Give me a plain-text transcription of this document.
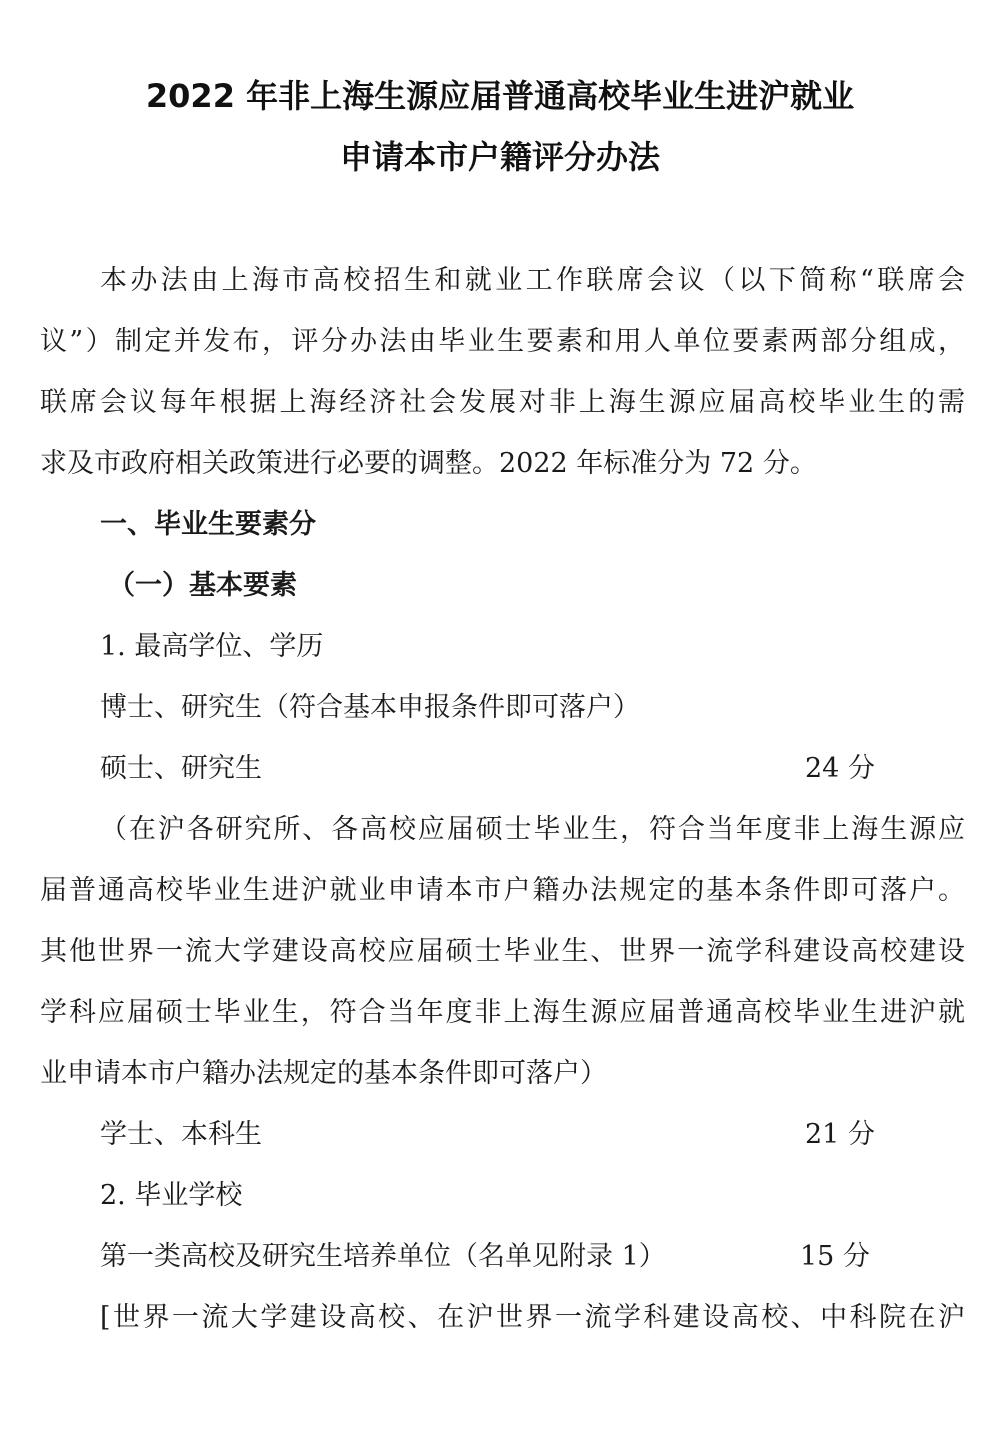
2022 年非上海生源应届普通高校毕业生进沪就业
申请本市户籍评分办法
本办法由上海市高校招生和就业工作联席会议（以下简称“联席会
议”）制定并发布，评分办法由毕业生要素和用人单位要素两部分组成，
联席会议每年根据上海经济社会发展对非上海生源应届高校毕业生的需
求及市政府相关政策进行必要的调整。2022 年标准分为 72 分。
一、毕业生要素分
（一）基本要素
1. 最高学位、学历
博士、研究生（符合基本申报条件即可落户）
硕士、研究生	24 分
（在沪各研究所、各高校应届硕士毕业生，符合当年度非上海生源应
届普通高校毕业生进沪就业申请本市户籍办法规定的基本条件即可落户。
其他世界一流大学建设高校应届硕士毕业生、世界一流学科建设高校建设
学科应届硕士毕业生，符合当年度非上海生源应届普通高校毕业生进沪就
业申请本市户籍办法规定的基本条件即可落户）
学士、本科生	21 分
2. 毕业学校
第一类高校及研究生培养单位（名单见附录 1）	15 分
[世界一流大学建设高校、在沪世界一流学科建设高校、中科院在沪
